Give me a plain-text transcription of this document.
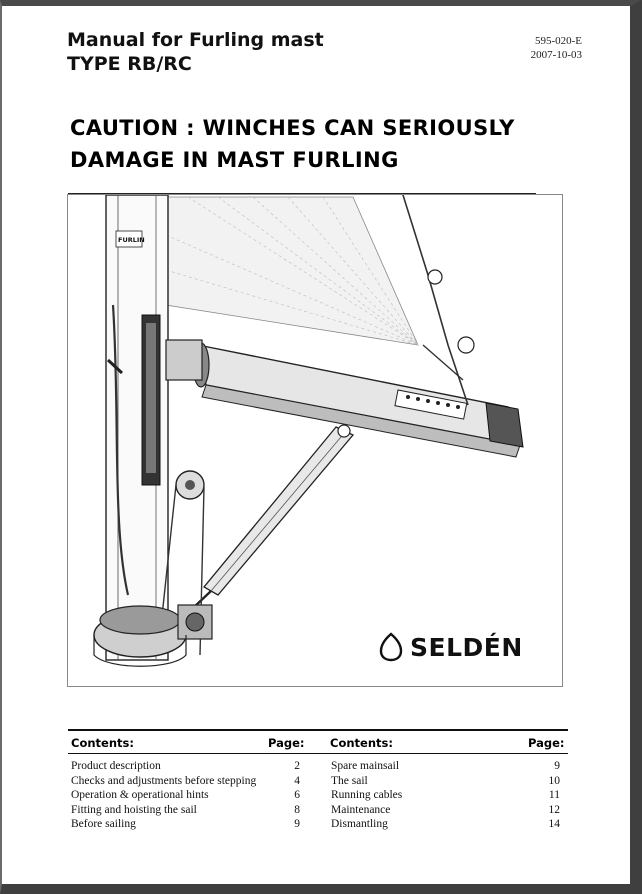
Manual for Furling mast
TYPE RB/RC
595-020-E
2007-10-03
CAUTION : WINCHES CAN SERIOUSLY
DAMAGE IN MAST FURLING
FURLIN
SELDÉN
Contents:	Page: Contents:	Page:
Product description	2
Checks and adjustments before stepping	4
Operation & operational hints	6
Fitting and hoisting the sail	8
Before sailing	9
Spare mainsail	9
The sail	10
Running cables	11
Maintenance	12
Dismantling	14
